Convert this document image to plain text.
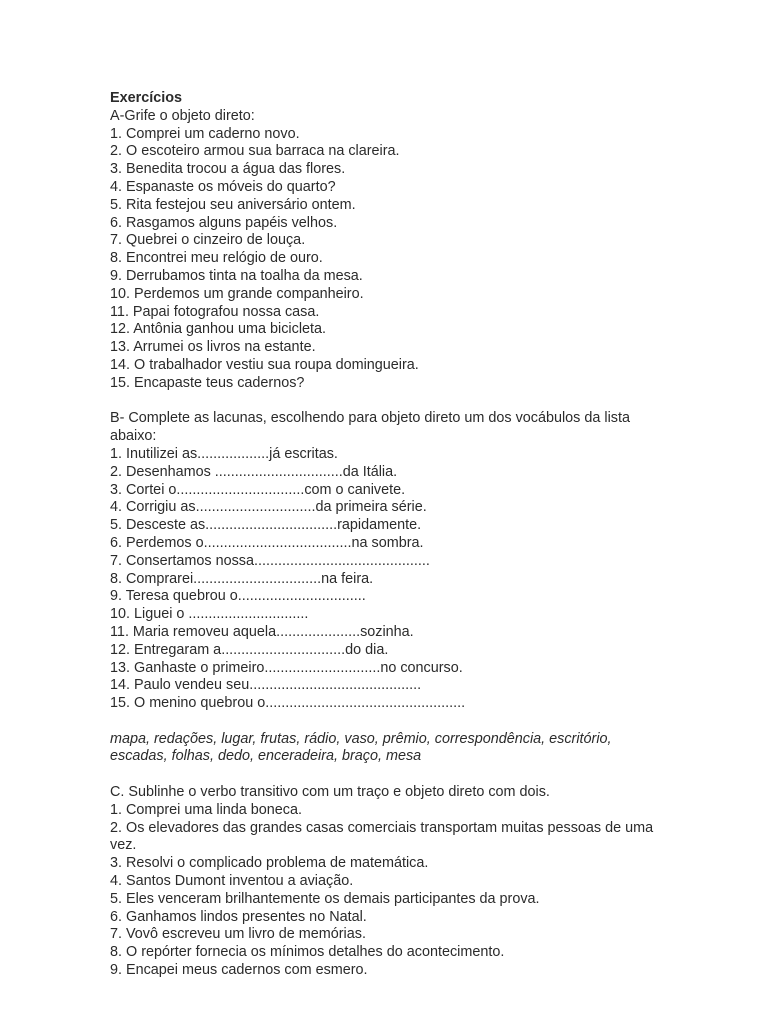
Exercícios

A-Grife o objeto direto:

1. Comprei um caderno novo.

2. O escoteiro armou sua barraca na clareira.

3. Benedita trocou a água das flores.

4. Espanaste os móveis do quarto?

5. Rita festejou seu aniversário ontem.

6. Rasgamos alguns papéis velhos.

7. Quebrei o cinzeiro de louça.

8. Encontrei meu relógio de ouro.

9. Derrubamos tinta na toalha da mesa.

10. Perdemos um grande companheiro.

11. Papai fotografou nossa casa.

12. Antônia ganhou uma bicicleta.

13. Arrumei os livros na estante.

14. O trabalhador vestiu sua roupa domingueira.

15. Encapaste teus cadernos?

B- Complete as lacunas, escolhendo para objeto direto um dos vocábulos da lista abaixo:

1. Inutilizei as..................já escritas.

2. Desenhamos ................................da Itália.

3. Cortei o................................com o canivete.

4. Corrigiu as..............................da primeira série.

5. Desceste as.................................rapidamente.

6. Perdemos o.....................................na sombra.

7. Consertamos nossa............................................

8. Comprarei................................na feira.

9. Teresa quebrou o................................

10. Liguei o ..............................

11. Maria removeu aquela.....................sozinha.

12. Entregaram a...............................do dia.

13. Ganhaste o primeiro.............................no concurso.

14. Paulo vendeu seu...........................................

15. O menino quebrou o..................................................

mapa, redações, lugar, frutas, rádio, vaso, prêmio, correspondência, escritório, escadas, folhas, dedo, enceradeira, braço, mesa

C. Sublinhe o verbo transitivo com um traço e objeto direto com dois.

1. Comprei uma linda boneca.

2. Os elevadores das grandes casas comerciais transportam muitas pessoas de uma vez.

3. Resolvi o complicado problema de matemática.

4. Santos Dumont inventou a aviação.

5. Eles venceram brilhantemente os demais participantes da prova.

6. Ganhamos lindos presentes no Natal.

7. Vovô escreveu um livro de memórias.

8. O repórter fornecia os mínimos detalhes do acontecimento.

9. Encapei meus cadernos com esmero.
